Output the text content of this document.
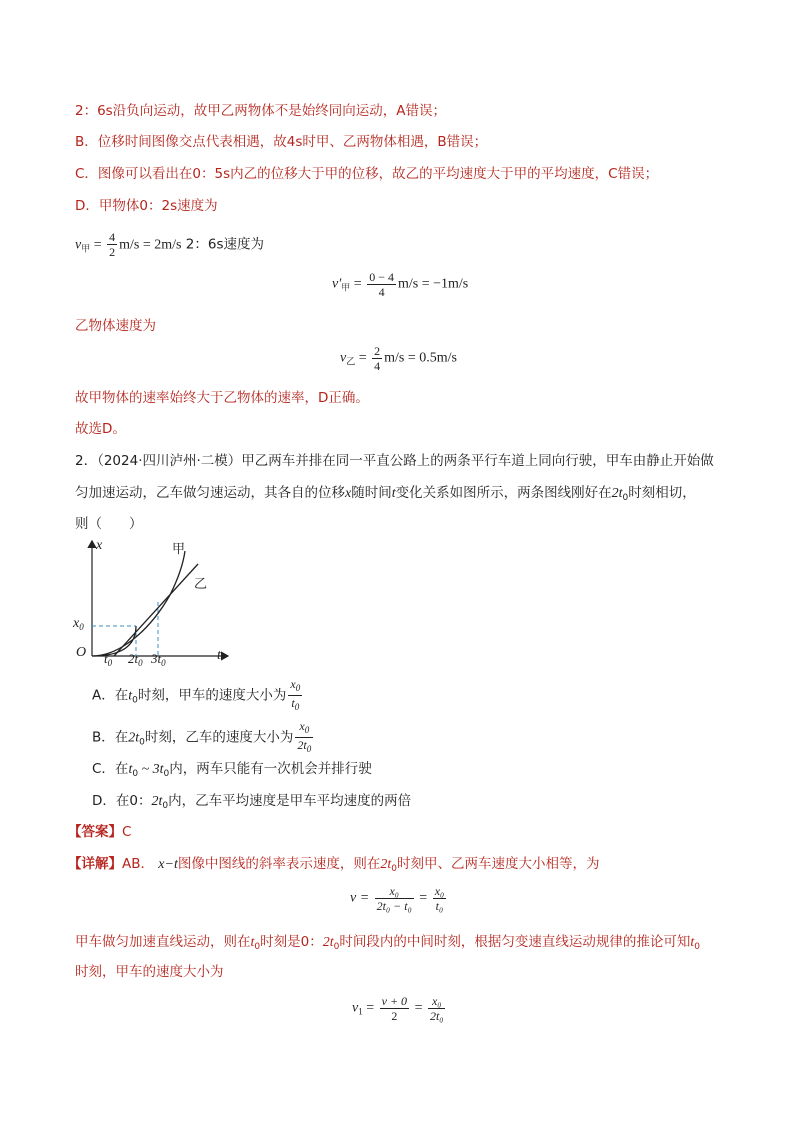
2：6s沿负向运动，故甲乙两物体不是始终同向运动，A错误；
B．位移时间图像交点代表相遇，故4s时甲、乙两物体相遇，B错误；
C．图像可以看出在0：5s内乙的位移大于甲的位移，故乙的平均速度大于甲的平均速度，C错误；
D．甲物体0：2s速度为
$v_甲 = \frac{4}{2} m/s = 2m/s$ 2：6s速度为
$v'_甲 = \frac{0 - 4}{4} m/s = -1m/s$
乙物体速度为
$v_乙 = \frac{2}{4} m/s = 0.5m/s$
故甲物体的速率始终大于乙物体的速率，D正确。
故选D。
2．（2024·四川泸州·二模）甲乙两车并排在同一平直公路上的两条平行车道上同向行驶，甲车由静止开始做
匀加速运动，乙车做匀速运动，其各自的位移x随时间t变化关系如图所示，两条图线刚好在$2t_0$时刻相切，
则（　　）
x	甲
乙
$x_0$
O $t_0$ $2t_0$ $3t_0$	t
A．在$t_0$时刻，甲车的速度大小为 $\frac{x_0}{t_0}$
B．在$2t_0$时刻，乙车的速度大小为 $\frac{x_0}{2t_0}$
C．在$t_0$ ~ $3t_0$内，两车只能有一次机会并排行驶
D．在0：$2t_0$内，乙车平均速度是甲车平均速度的两倍
【答案】C
【详解】AB． x−t图像中图线的斜率表示速度，则在$2t_0$时刻甲、乙两车速度大小相等，为
$v = \frac{\text{x₀}}{\text{2t₀ − t₀}} = \frac{\text{x₀}}{\text{t₀}}$
甲车做匀加速直线运动，则在$t_0$时刻是0：$2t_0$时间段内的中间时刻，根据匀变速直线运动规律的推论可知$t_0$
时刻，甲车的速度大小为
$v_1 = \frac{v + 0}{2} = \frac{\text{x₀}}{\text{2t₀}}$
